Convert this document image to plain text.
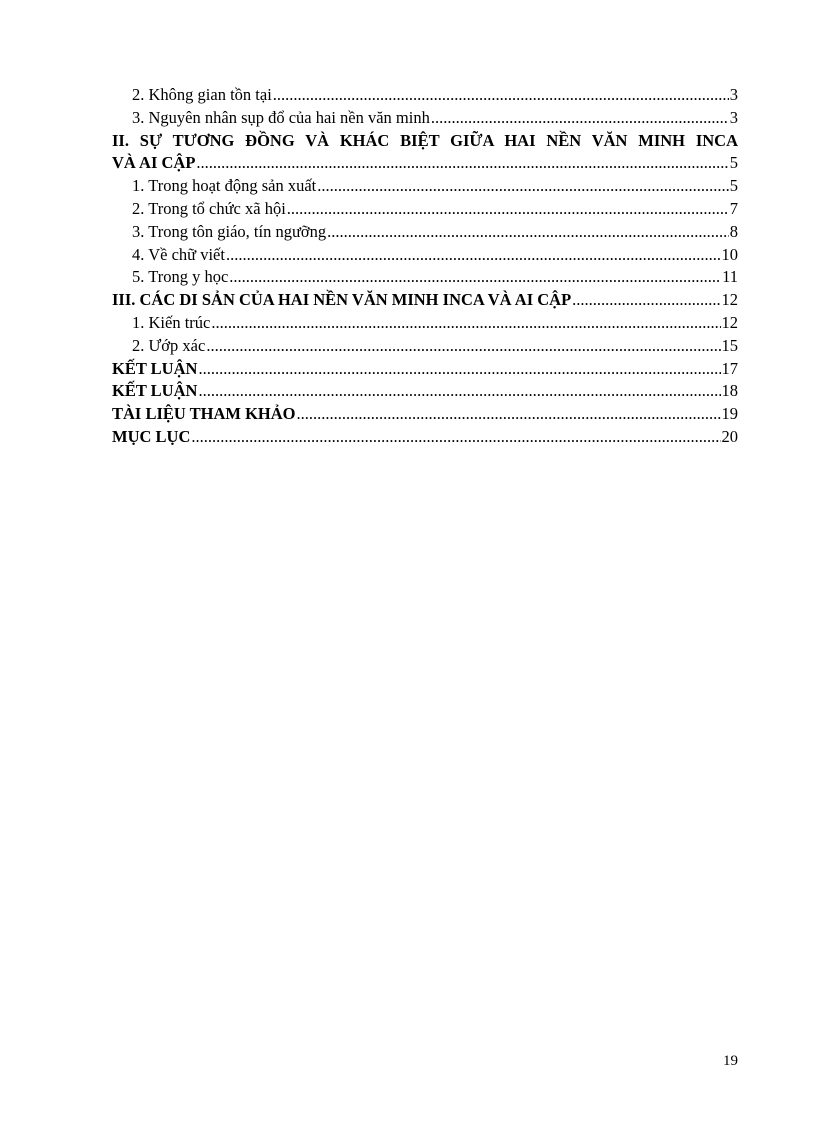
2. Không gian tồn tại .....	3
3. Nguyên nhân sụp đổ của hai nền văn minh .....	3
II. SỰ TƯƠNG ĐỒNG VÀ KHÁC BIỆT GIỮA HAI NỀN VĂN MINH INCA
VÀ AI CẬP .....	5
1. Trong hoạt động sản xuất .....	5
2. Trong tổ chức xã hội .....	7
3. Trong tôn giáo, tín ngưỡng .....	8
4. Về chữ viết .....	10
5. Trong y học .....	11
III. CÁC DI SẢN CỦA HAI NỀN VĂN MINH INCA VÀ AI CẬP .....	12
1. Kiến trúc .....	12
2. Ướp xác .....	15
KẾT LUẬN .....	17
KẾT LUẬN .....	18
TÀI LIỆU THAM KHẢO .....	19
MỤC LỤC .....	20
19
